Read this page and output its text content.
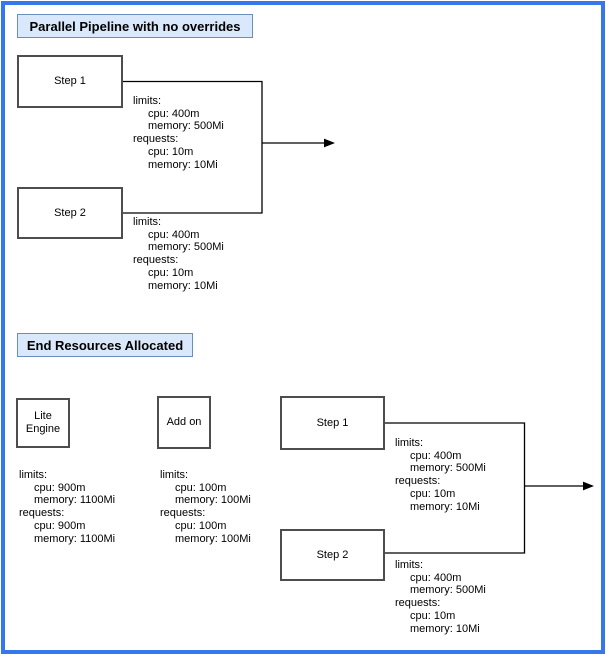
Parallel Pipeline with no overrides
Step 1
Step 2
limits:
cpu: 400m
memory: 500Mi
requests:
cpu: 10m
memory: 10Mi
limits:
cpu: 400m
memory: 500Mi
requests:
cpu: 10m
memory: 10Mi
End Resources Allocated
Lite
Engine
Add on	Step 1
Step 2
limits:
cpu: 900m
memory: 1100Mi
requests:
cpu: 900m
memory: 1100Mi
limits:
cpu: 100m
memory: 100Mi
requests:
cpu: 100m
memory: 100Mi
limits:
cpu: 400m
memory: 500Mi
requests:
cpu: 10m
memory: 10Mi
limits:
cpu: 400m
memory: 500Mi
requests:
cpu: 10m
memory: 10Mi
